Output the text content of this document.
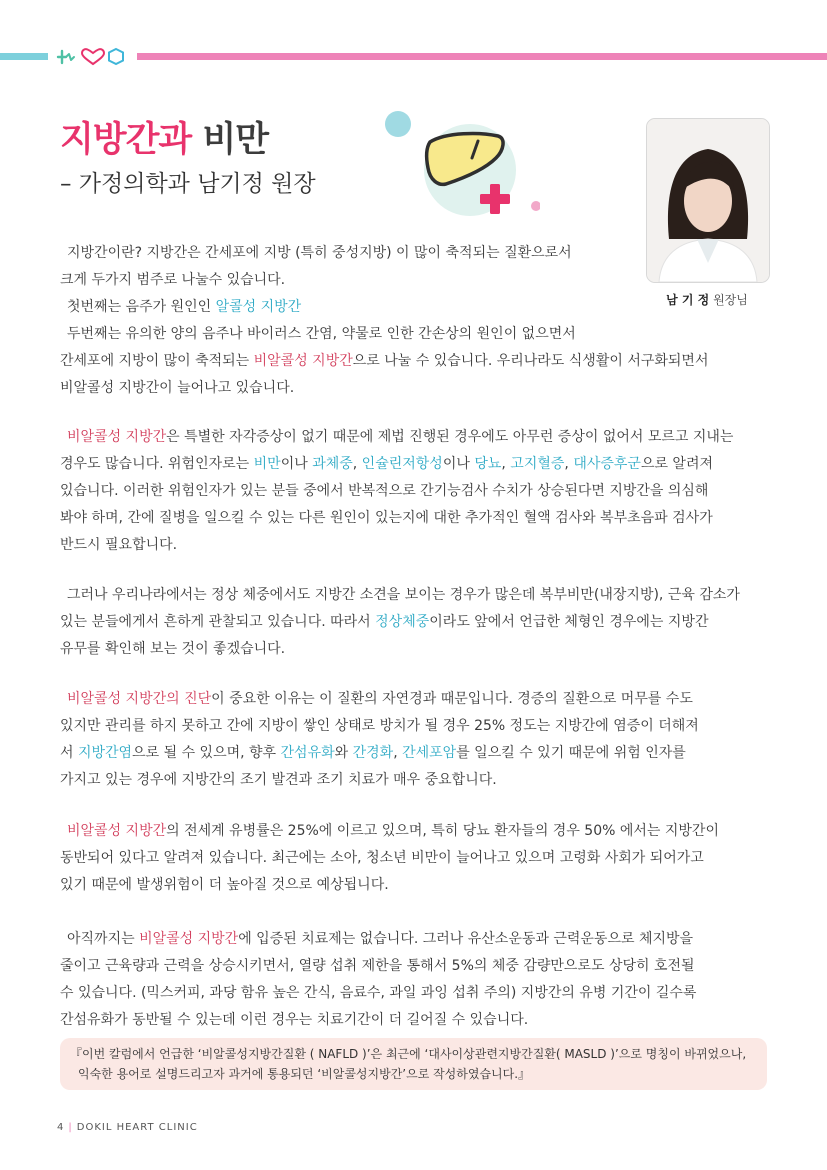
지방간과 비만
– 가정의학과 남기정 원장
남 기 정 원장님
지방간이란? 지방간은 간세포에 지방 (특히 중성지방) 이 많이 축적되는 질환으로서
크게 두가지 범주로 나눌수 있습니다.
첫번째는 음주가 원인인 알콜성 지방간
두번째는 유의한 양의 음주나 바이러스 간염, 약물로 인한 간손상의 원인이 없으면서
간세포에 지방이 많이 축적되는 비알콜성 지방간으로 나눌 수 있습니다. 우리나라도 식생활이 서구화되면서
비알콜성 지방간이 늘어나고 있습니다.
비알콜성 지방간은 특별한 자각증상이 없기 때문에 제법 진행된 경우에도 아무런 증상이 없어서 모르고 지내는
경우도 많습니다. 위험인자로는 비만이나 과체중, 인슐린저항성이나 당뇨, 고지혈증, 대사증후군으로 알려져
있습니다. 이러한 위험인자가 있는 분들 중에서 반복적으로 간기능검사 수치가 상승된다면 지방간을 의심해
봐야 하며, 간에 질병을 일으킬 수 있는 다른 원인이 있는지에 대한 추가적인 혈액 검사와 복부초음파 검사가
반드시 필요합니다.
그러나 우리나라에서는 정상 체중에서도 지방간 소견을 보이는 경우가 많은데 복부비만(내장지방), 근육 감소가
있는 분들에게서 흔하게 관찰되고 있습니다. 따라서 정상체중이라도 앞에서 언급한 체형인 경우에는 지방간
유무를 확인해 보는 것이 좋겠습니다.
비알콜성 지방간의 진단이 중요한 이유는 이 질환의 자연경과 때문입니다. 경증의 질환으로 머무를 수도
있지만 관리를 하지 못하고 간에 지방이 쌓인 상태로 방치가 될 경우 25% 정도는 지방간에 염증이 더해져
서 지방간염으로 될 수 있으며, 향후 간섬유화와 간경화, 간세포암를 일으킬 수 있기 때문에 위험 인자를
가지고 있는 경우에 지방간의 조기 발견과 조기 치료가 매우 중요합니다.
비알콜성 지방간의 전세계 유병률은 25%에 이르고 있으며, 특히 당뇨 환자들의 경우 50% 에서는 지방간이
동반되어 있다고 알려져 있습니다. 최근에는 소아, 청소년 비만이 늘어나고 있으며 고령화 사회가 되어가고
있기 때문에 발생위험이 더 높아질 것으로 예상됩니다.
아직까지는 비알콜성 지방간에 입증된 치료제는 없습니다. 그러나 유산소운동과 근력운동으로 체지방을
줄이고 근육량과 근력을 상승시키면서, 열량 섭취 제한을 통해서 5%의 체중 감량만으로도 상당히 호전될
수 있습니다. (믹스커피, 과당 함유 높은 간식, 음료수, 과일 과잉 섭취 주의) 지방간의 유병 기간이 길수록
간섬유화가 동반될 수 있는데 이런 경우는 치료기간이 더 길어질 수 있습니다.
『이번 칼럼에서 언급한 ‘비알콜성지방간질환 ( NAFLD )’은 최근에 ‘대사이상관련지방간질환( MASLD )’으로 명칭이 바뀌었으나,
익숙한 용어로 설명드리고자 과거에 통용되던 ‘비알콜성지방간’으로 작성하였습니다.』
4 | DOKIL HEART CLINIC
